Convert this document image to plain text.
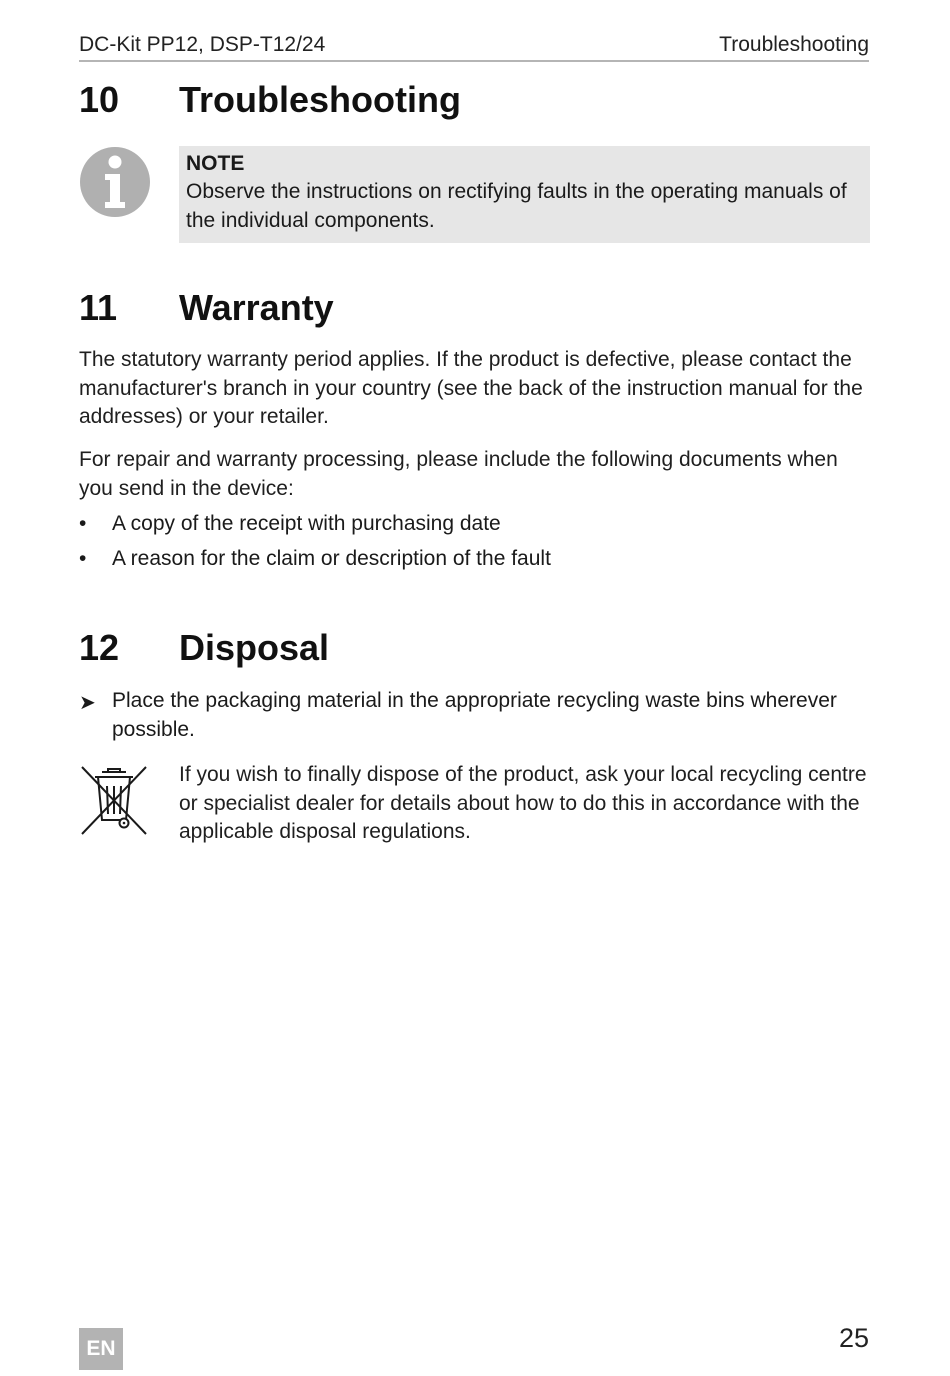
DC-Kit PP12, DSP-T12/24	Troubleshooting
10 Troubleshooting
NOTE
Observe the instructions on rectifying faults in the operating manuals of the individual components.
11 Warranty
The statutory warranty period applies. If the product is defective, please contact the manufacturer's branch in your country (see the back of the instruction manual for the addresses) or your retailer.
For repair and warranty processing, please include the following documents when you send in the device:
•	A copy of the receipt with purchasing date
•	A reason for the claim or description of the fault
12 Disposal
➤ Place the packaging material in the appropriate recycling waste bins wherever possible.
If you wish to finally dispose of the product, ask your local recycling centre or specialist dealer for details about how to do this in accordance with the applicable disposal regulations.
25
EN
